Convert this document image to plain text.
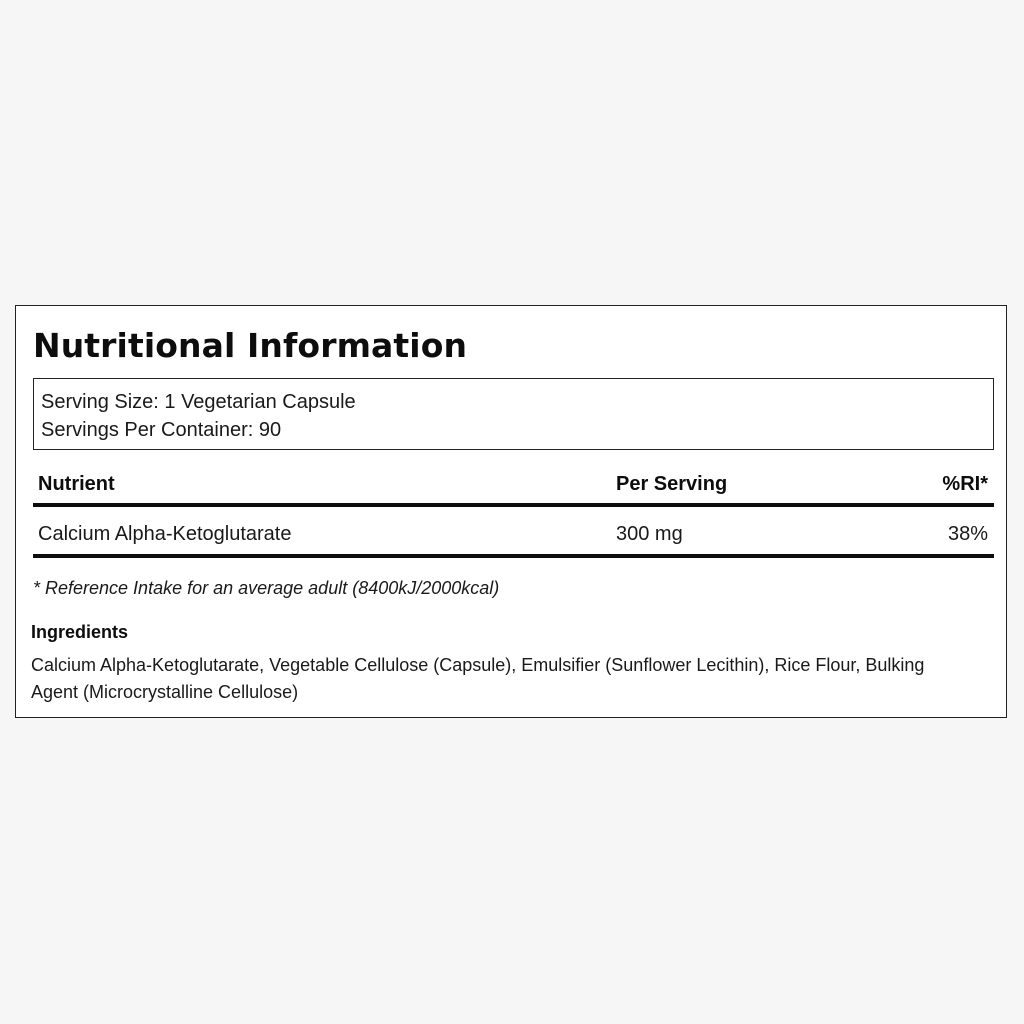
Nutritional Information
Serving Size: 1 Vegetarian Capsule
Servings Per Container: 90
Nutrient	Per Serving	%RI*
Calcium Alpha-Ketoglutarate	300 mg	38%
* Reference Intake for an average adult (8400kJ/2000kcal)
Ingredients
Calcium Alpha-Ketoglutarate, Vegetable Cellulose (Capsule), Emulsifier (Sunflower Lecithin), Rice Flour, Bulking Agent (Microcrystalline Cellulose)
